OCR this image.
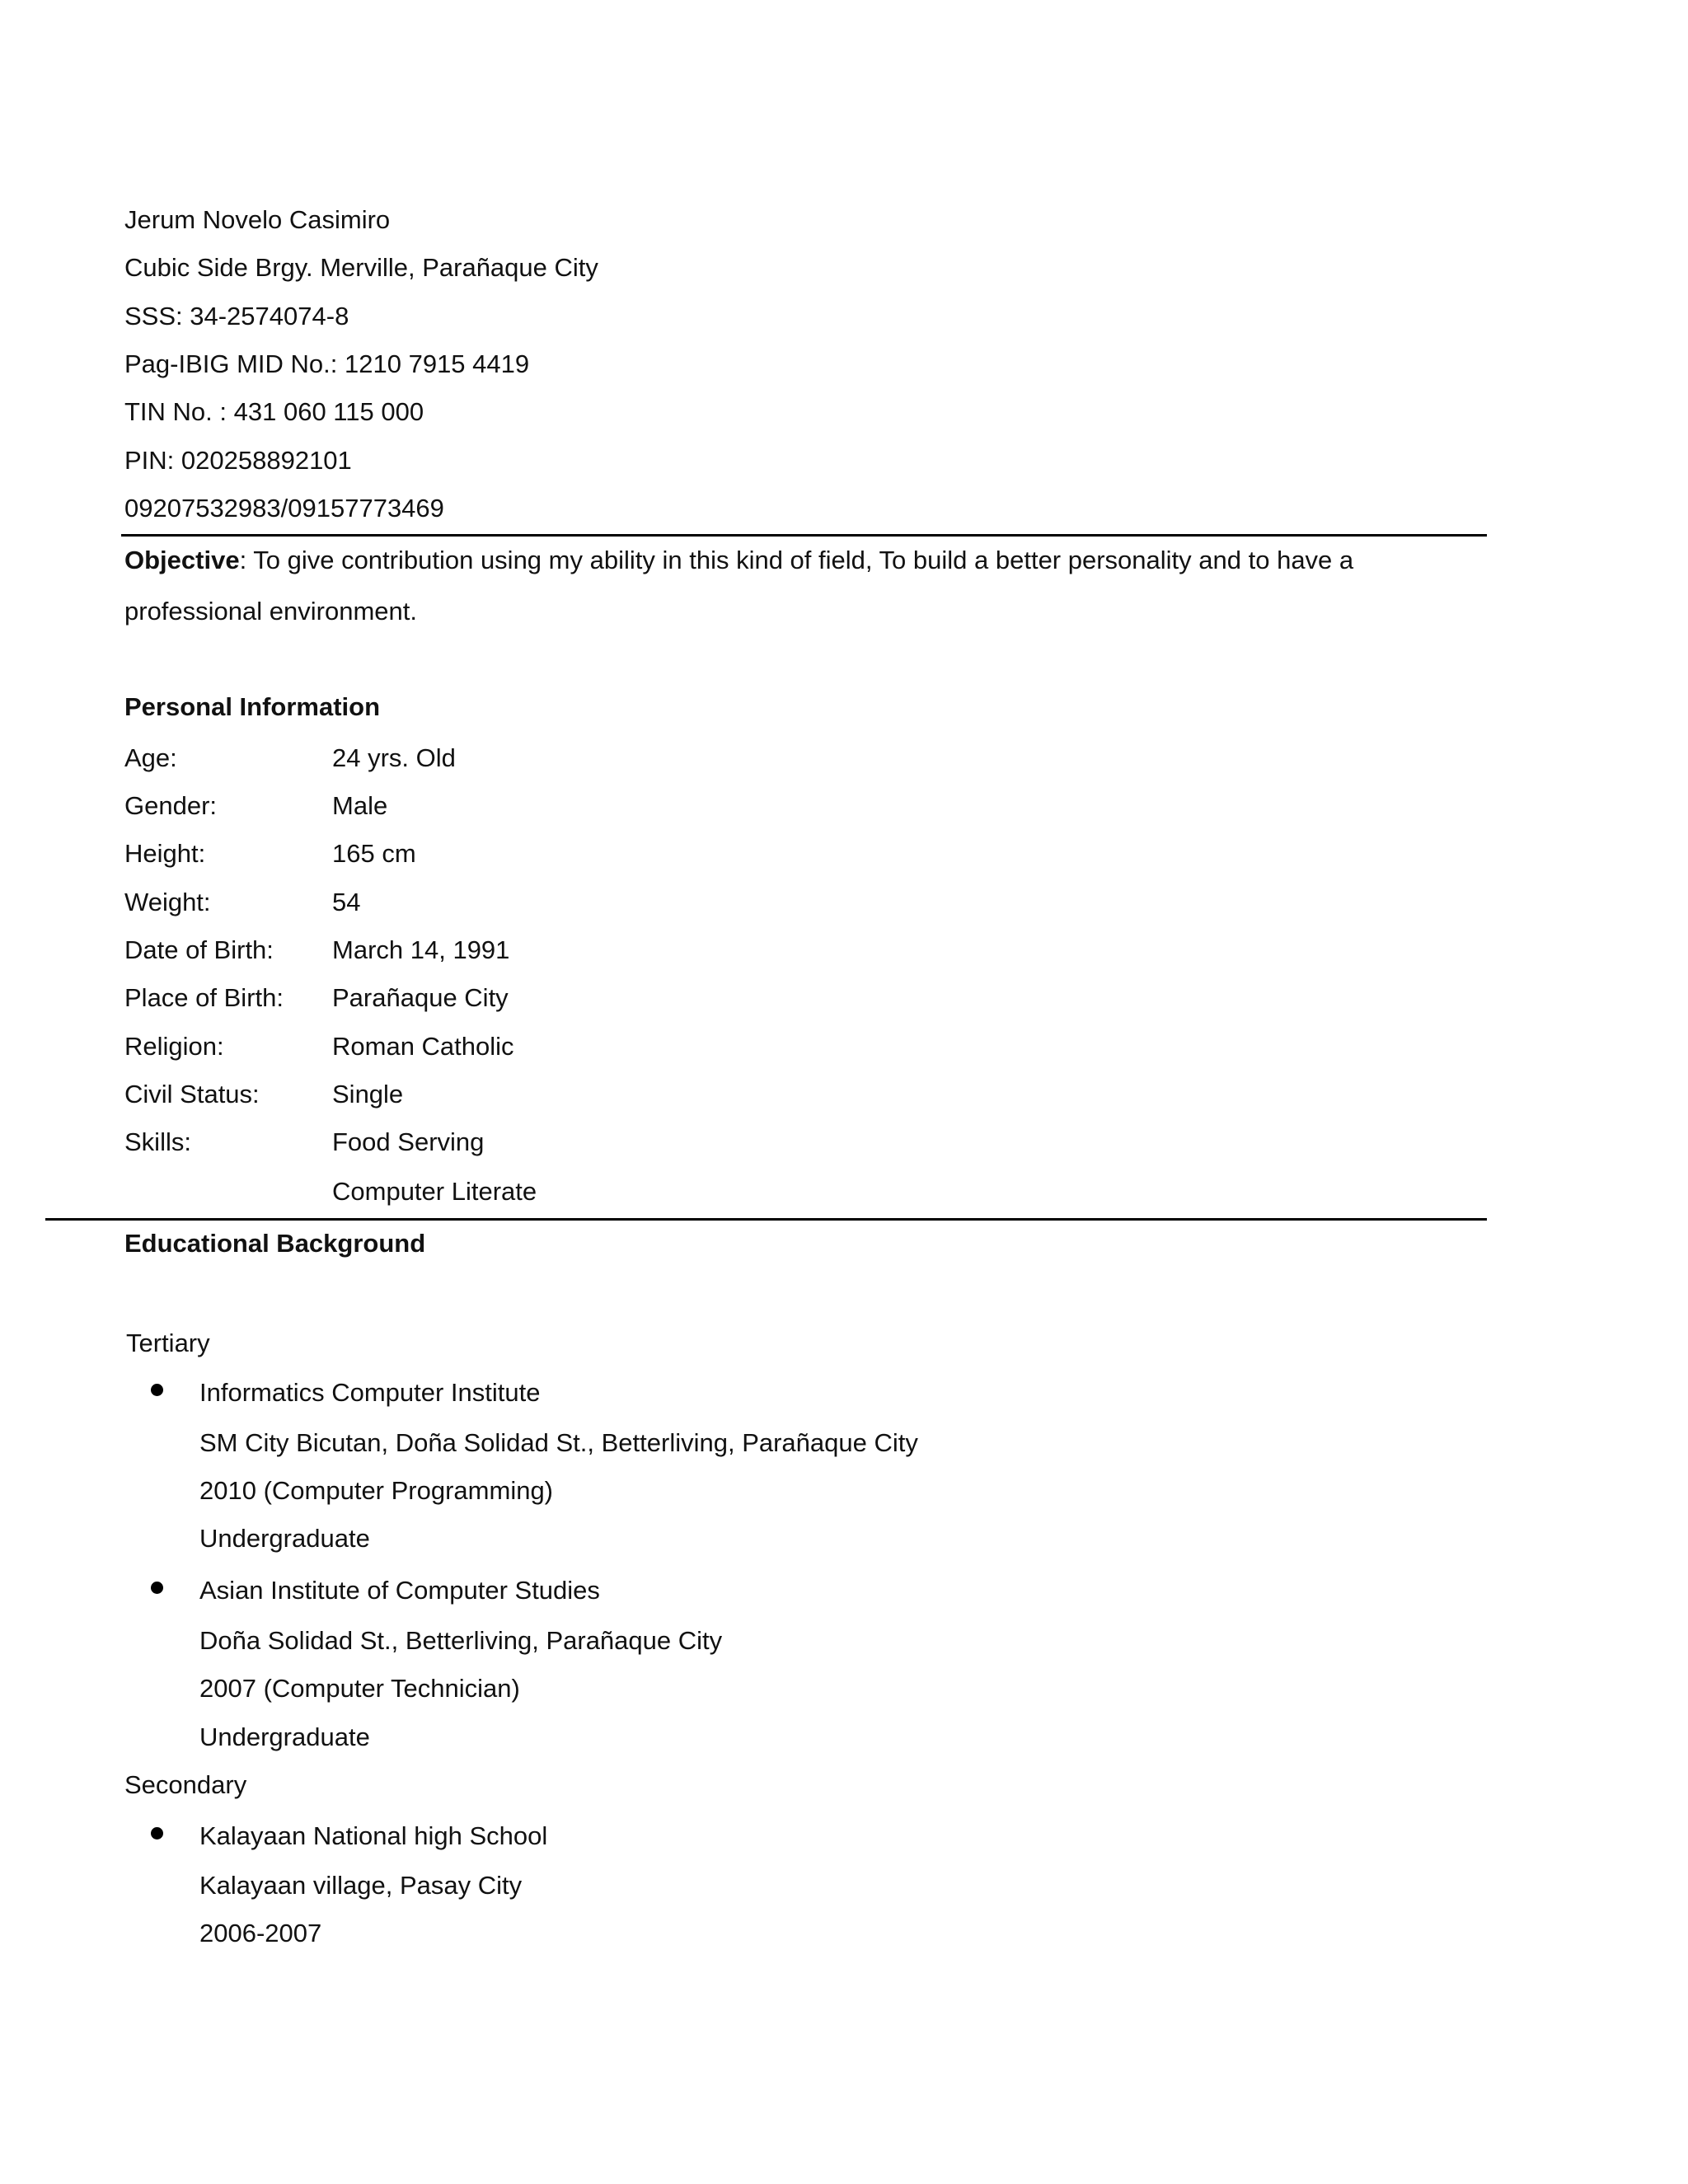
Jerum Novelo Casimiro
Cubic Side Brgy. Merville, Parañaque City
SSS: 34-2574074-8
Pag-IBIG MID No.: 1210 7915 4419
TIN No. : 431 060 115 000
PIN: 020258892101
09207532983/09157773469
Objective: To give contribution using my ability in this kind of field, To build a better personality and to have a
professional environment.
Personal Information
Age:	24 yrs. Old
Gender:	Male
Height:	165 cm
Weight:	54
Date of Birth: March 14, 1991
Place of Birth: Parañaque City
Religion:	Roman Catholic
Civil Status:	Single
Skills:	Food Serving
Computer Literate
Educational Background
Tertiary
Informatics Computer Institute
SM City Bicutan, Doña Solidad St., Betterliving, Parañaque City
2010 (Computer Programming)
Undergraduate
Asian Institute of Computer Studies
Doña Solidad St., Betterliving, Parañaque City
2007 (Computer Technician)
Undergraduate
Secondary
Kalayaan National high School
Kalayaan village, Pasay City
2006-2007
